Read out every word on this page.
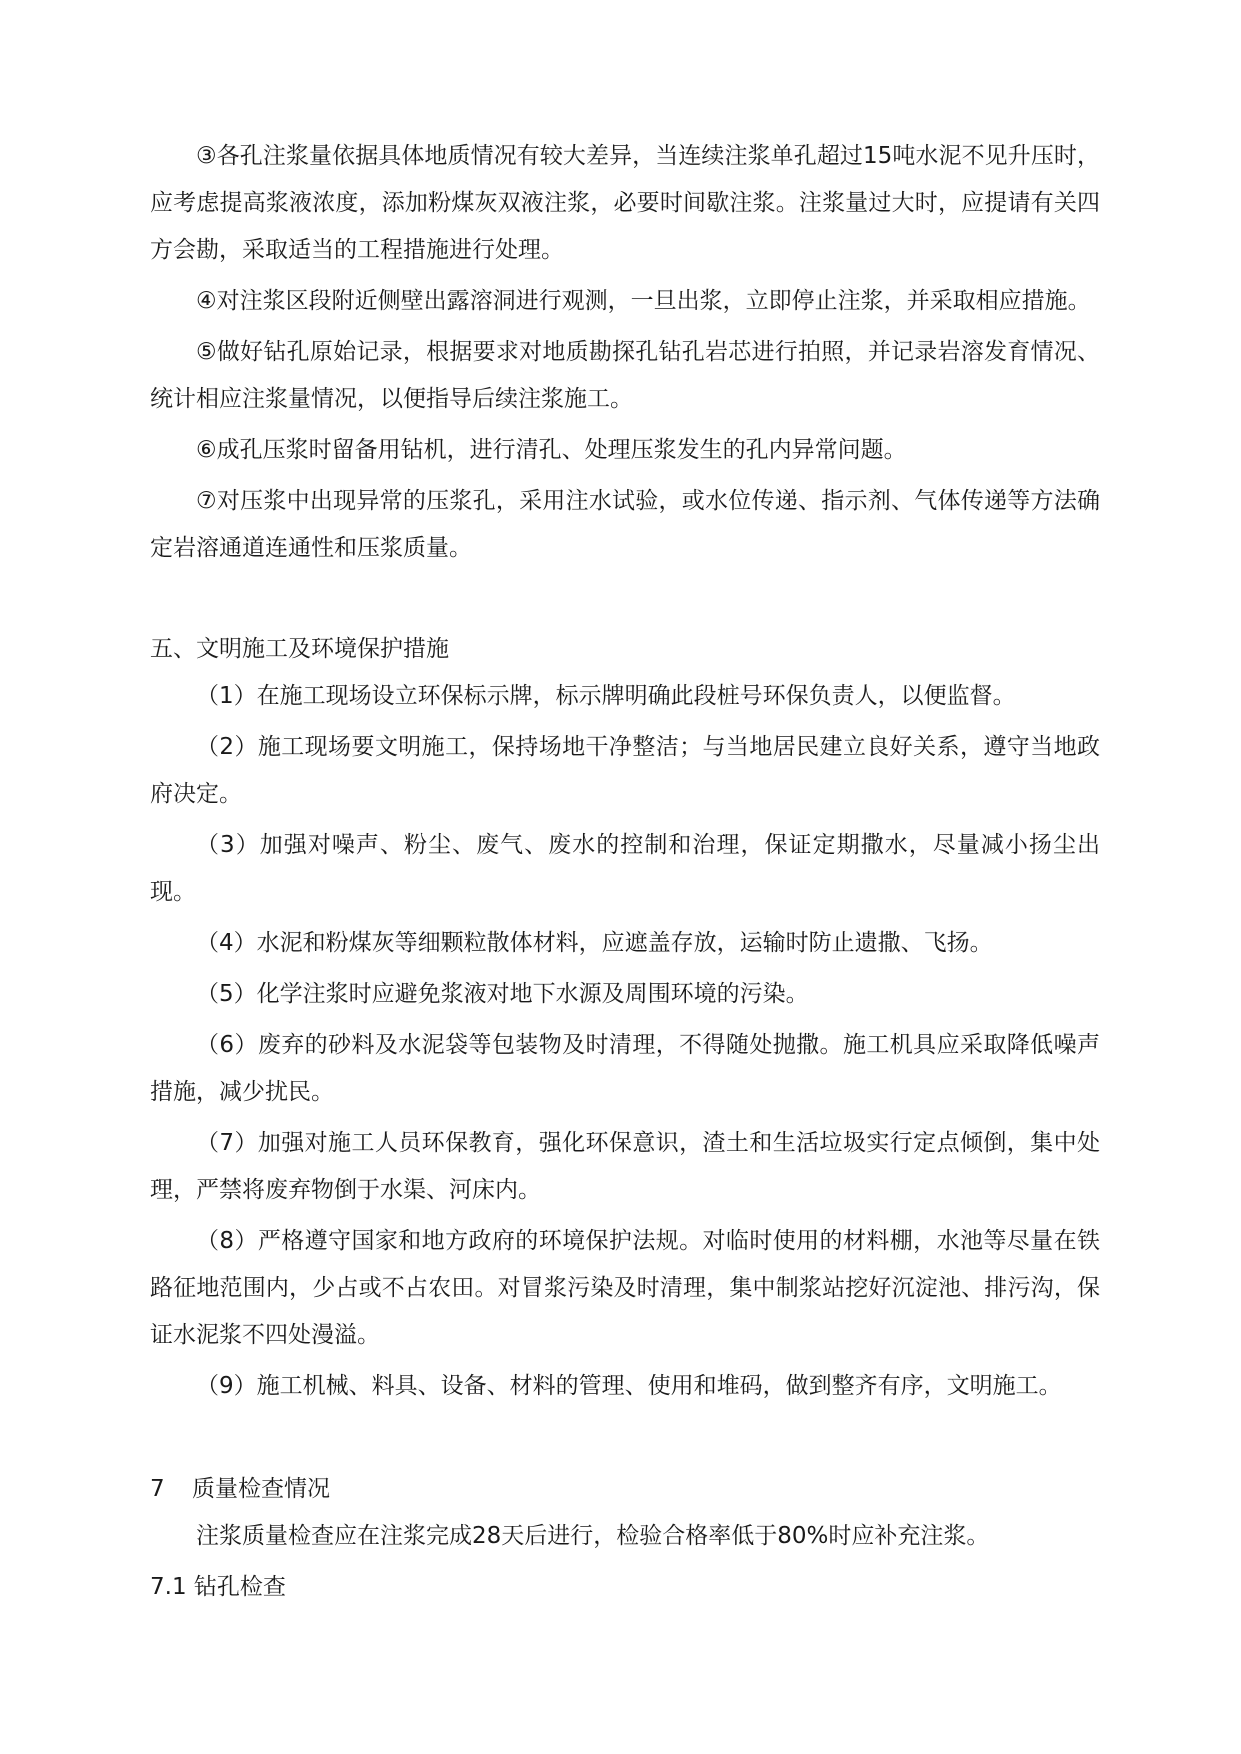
③各孔注浆量依据具体地质情况有较大差异，当连续注浆单孔超过15吨水泥不见升压时，应考虑提高浆液浓度，添加粉煤灰双液注浆，必要时间歇注浆。注浆量过大时，应提请有关四方会勘，采取适当的工程措施进行处理。

④对注浆区段附近侧壁出露溶洞进行观测，一旦出浆，立即停止注浆，并采取相应措施。

⑤做好钻孔原始记录，根据要求对地质勘探孔钻孔岩芯进行拍照，并记录岩溶发育情况、统计相应注浆量情况，以便指导后续注浆施工。

⑥成孔压浆时留备用钻机，进行清孔、处理压浆发生的孔内异常问题。

⑦对压浆中出现异常的压浆孔，采用注水试验，或水位传递、指示剂、气体传递等方法确定岩溶通道连通性和压浆质量。

五、文明施工及环境保护措施

（1）在施工现场设立环保标示牌，标示牌明确此段桩号环保负责人，以便监督。

（2）施工现场要文明施工，保持场地干净整洁；与当地居民建立良好关系，遵守当地政府决定。

（3）加强对噪声、粉尘、废气、废水的控制和治理，保证定期撒水，尽量减小扬尘出现。

（4）水泥和粉煤灰等细颗粒散体材料，应遮盖存放，运输时防止遗撒、飞扬。

（5）化学注浆时应避免浆液对地下水源及周围环境的污染。

（6）废弃的砂料及水泥袋等包装物及时清理，不得随处抛撒。施工机具应采取降低噪声措施，减少扰民。

（7）加强对施工人员环保教育，强化环保意识，渣土和生活垃圾实行定点倾倒，集中处理，严禁将废弃物倒于水渠、河床内。

（8）严格遵守国家和地方政府的环境保护法规。对临时使用的材料棚，水池等尽量在铁路征地范围内，少占或不占农田。对冒浆污染及时清理，集中制浆站挖好沉淀池、排污沟，保证水泥浆不四处漫溢。

（9）施工机械、料具、设备、材料的管理、使用和堆码，做到整齐有序，文明施工。

7 质量检查情况

注浆质量检查应在注浆完成28天后进行，检验合格率低于80%时应补充注浆。

7.1 钻孔检查
